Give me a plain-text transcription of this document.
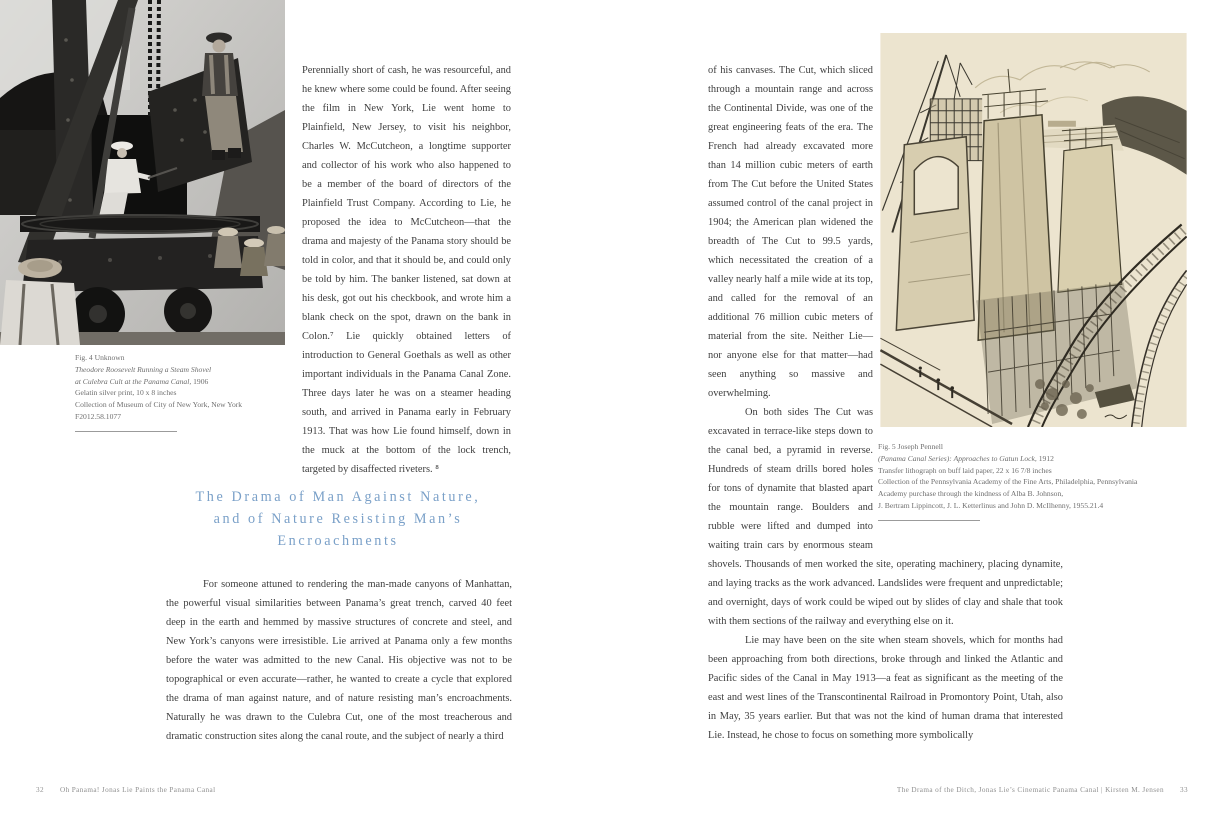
Fig. 4 Unknown
Theodore Roosevelt Running a Steam Shovel
at Culebra Cult at the Panama Canal, 1906
Gelatin silver print, 10 x 8 inches
Collection of Museum of City of New York, New York
F2012.58.1077

Perennially short of cash, he was resourceful, and he knew where some could be found. After seeing the film in New York, Lie went home to Plainfield, New Jersey, to visit his neighbor, Charles W. McCutcheon, a longtime supporter and collector of his work who also happened to be a member of the board of directors of the Plainfield Trust Company. According to Lie, he proposed the idea to McCutcheon—that the drama and majesty of the Panama story should be told in color, and that it should be, and could only be told by him. The banker listened, sat down at his desk, got out his checkbook, and wrote him a blank check on the spot, drawn on the bank in Colon.⁷ Lie quickly obtained letters of introduction to General Goethals as well as other important individuals in the Panama Canal Zone. Three days later he was on a steamer heading south, and arrived in Panama early in February 1913. That was how Lie found himself, down in the muck at the bottom of the lock trench, targeted by disaffected riveters. ⁸

The Drama of Man Against Nature,
and of Nature Resisting Man’s
Encroachments

For someone attuned to rendering the man-made canyons of Manhattan, the powerful visual similarities between Panama’s great trench, carved 40 feet deep in the earth and hemmed by massive structures of concrete and steel, and New York’s canyons were irresistible. Lie arrived at Panama only a few months before the water was admitted to the new Canal. His objective was not to be topographical or even accurate—rather, he wanted to create a cycle that explored the drama of man against nature, and of nature resisting man’s encroachments. Naturally he was drawn to the Culebra Cut, one of the most treacherous and dramatic construction sites along the canal route, and the subject of nearly a third

32 Oh Panama! Jonas Lie Paints the Panama Canal
Fig. 5 Joseph Pennell
(Panama Canal Series): Approaches to Gatun Lock, 1912
Transfer lithograph on buff laid paper, 22 x 16 7/8 inches
Collection of the Pennsylvania Academy of the Fine Arts, Philadelphia, Pennsylvania
Academy purchase through the kindness of Alba B. Johnson,
J. Bertram Lippincott, J. L. Ketterlinus and John D. McIlhenny, 1955.21.4

of his canvases. The Cut, which sliced through a mountain range and across the Continental Divide, was one of the great engineering feats of the era. The French had already excavated more than 14 million cubic meters of earth from The Cut before the United States assumed control of the canal project in 1904; the American plan widened the breadth of The Cut to 99.5 yards, which necessitated the creation of a valley nearly half a mile wide at its top, and called for the removal of an additional 76 million cubic meters of material from the site. Neither Lie—nor anyone else for that matter—had seen anything so massive and overwhelming.

On both sides The Cut was excavated in terrace-like steps down to the canal bed, a pyramid in reverse. Hundreds of steam drills bored holes for tons of dynamite that blasted apart the mountain range. Boulders and rubble were lifted and dumped into waiting train cars by enormous steam shovels. Thousands of men worked the site, operating machinery, placing dynamite, and laying tracks as the work advanced. Landslides were frequent and unpredictable; and overnight, days of work could be wiped out by slides of clay and shale that took with them sections of the railway and everything else on it.

Lie may have been on the site when steam shovels, which for months had been approaching from both directions, broke through and linked the Atlantic and Pacific sides of the Canal in May 1913—a feat as significant as the meeting of the east and west lines of the Transcontinental Railroad in Promontory Point, Utah, also in May, 35 years earlier. But that was not the kind of human drama that interested Lie. Instead, he chose to focus on something more symbolically

The Drama of the Ditch, Jonas Lie’s Cinematic Panama Canal | Kirsten M. Jensen 33
